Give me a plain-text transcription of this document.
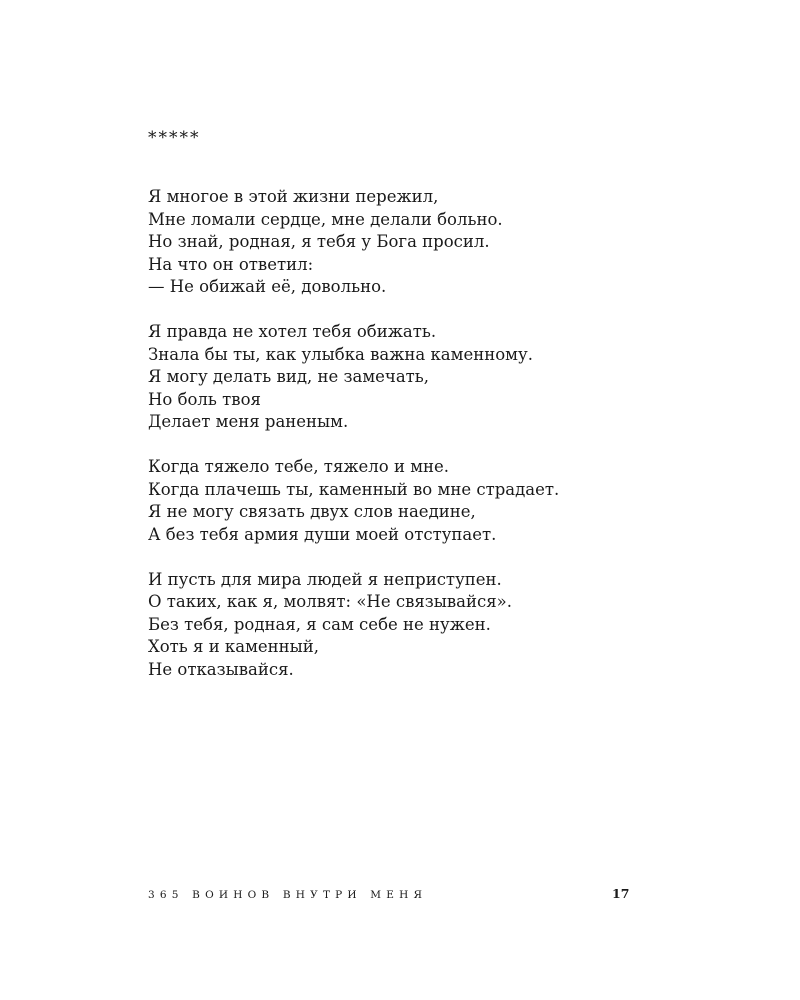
*****
Я многое в этой жизни пережил,
Мне ломали сердце, мне делали больно.
Но знай, родная, я тебя у Бога просил.
На что он ответил:
— Не обижай её, довольно.
Я правда не хотел тебя обижать.
Знала бы ты, как улыбка важна каменному.
Я могу делать вид, не замечать,
Но боль твоя
Делает меня раненым.
Когда тяжело тебе, тяжело и мне.
Когда плачешь ты, каменный во мне страдает.
Я не могу связать двух слов наедине,
А без тебя армия души моей отступает.
И пусть для мира людей я неприступен.
О таких, как я, молвят: «Не связывайся».
Без тебя, родная, я сам себе не нужен.
Хоть я и каменный,
Не отказывайся.
365 ВОИНОВ ВНУТРИ МЕНЯ	17
